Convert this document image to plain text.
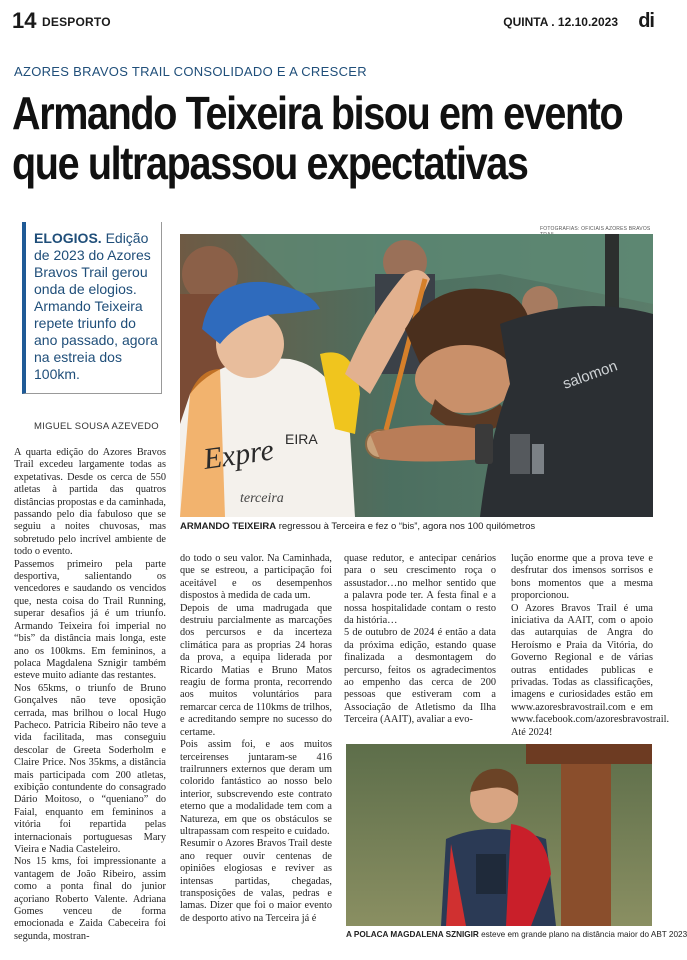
14 DESPORTO	QUINTA . 12.10.2023 di
AZORES BRAVOS TRAIL CONSOLIDADO E A CRESCER
Armando Teixeira bisou em evento
que ultrapassou expectativas
ELOGIOS. Edição de 2023 do Azores Bravos Trail gerou onda de elogios. Armando Teixeira repete triunfo do ano passado, agora na estreia dos 100km.
MIGUEL SOUSA AZEVEDO
FOTOGRAFIAS: OFICIAIS AZORES BRAVOS
Expre EIRA
terceira
salomon
ARMANDO TEIXEIRA regressou à Terceira e fez o “bis”, agora nos 100 quilómetros

A quarta edição do Azores Bravos Trail excedeu largamente todas as expetativas. Desde os cerca de 550 atletas à partida das quatros distâncias propostas e da caminhada, passando pelo dia fabuloso que se seguiu a noites chuvosas, mas sobretudo pelo incrível ambiente de todo o evento.

Passemos primeiro pela parte desportiva, salientando os vencedores e saudando os vencidos que, nesta coisa do Trail Running, superar desafios já é um triunfo. Armando Teixeira foi imperial no “bis” da distância mais longa, este ano os 100kms. Em femininos, a polaca Magdalena Sznigir também esteve muito adiante das restantes.

Nos 65kms, o triunfo de Bruno Gonçalves não teve oposição cerrada, mas brilhou o local Hugo Pacheco. Patricia Ribeiro não teve a vida facilitada, mas conseguiu descolar de Greeta Soderholm e Claire Price. Nos 35kms, a distância mais participada com 200 atletas, exibição contundente do consagrado Dário Moitoso, o “queniano” do Faial, enquanto em femininos a vitória foi repartida pelas internacionais portuguesas Mary Vieira e Nadia Casteleiro.

Nos 15 kms, foi impressionante a vantagem de João Ribeiro, assim como a ponta final do junior açoriano Roberto Valente. Adriana Gomes venceu de forma emocionada e Zaida Cabeceira foi segunda, mostran-

do todo o seu valor. Na Caminhada, que se estreou, a participação foi aceitável e os desempenhos dispostos à medida de cada um.

Depois de uma madrugada que destruiu parcialmente as marcações dos percursos e da incerteza climática para as proprias 24 horas da prova, a equipa liderada por Ricardo Matias e Bruno Matos reagiu de forma pronta, recorrendo aos muitos voluntários para remarcar cerca de 110kms de trilhos, e acreditando sempre no sucesso do certame.

Pois assim foi, e aos muitos terceirenses juntaram-se 416 trailrunners externos que deram um colorido fantástico ao nosso belo interior, subscrevendo este contrato eterno que a modalidade tem com a Natureza, em que os obstáculos se ultrapassam com respeito e cuidado.

Resumir o Azores Bravos Trail deste ano requer ouvir centenas de opiniões elogiosas e reviver as intensas partidas, chegadas, transposições de valas, pedras e lamas. Dizer que foi o maior evento de desporto ativo na Terceira já é

quase redutor, e antecipar cenários para o seu crescimento roça o assustador…no melhor sentido que a palavra pode ter. A festa final e a nossa hospitalidade contam o resto da história…

5 de outubro de 2024 é então a data da próxima edição, estando quase finalizada a desmontagem do percurso, feitos os agradecimentos ao empenho das cerca de 200 pessoas que estiveram com a Associação de Atletismo da Ilha Terceira (AAIT), avaliar a evo-

lução enorme que a prova teve e desfrutar dos imensos sorrisos e bons momentos que a mesma proporcionou.

O Azores Bravos Trail é uma iniciativa da AAIT, com o apoio das autarquias de Angra do Heroísmo e Praia da Vitória, do Governo Regional e de várias outras entidades publicas e privadas. Todas as classificações, imagens e curiosidades estão em www.azoresbravostrail.com e em www.facebook.com/azoresbravostrail. Até 2024!

A POLACA MAGDALENA SZNIGIR esteve em grande plano na distância maior do ABT 2023
